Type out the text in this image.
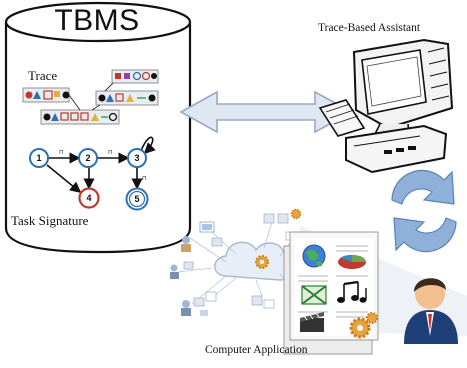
⊓	⊓
⊓
1	2	3
4	5
TBMS
Trace
Task Signature
Trace-Based Assistant
Computer Application
